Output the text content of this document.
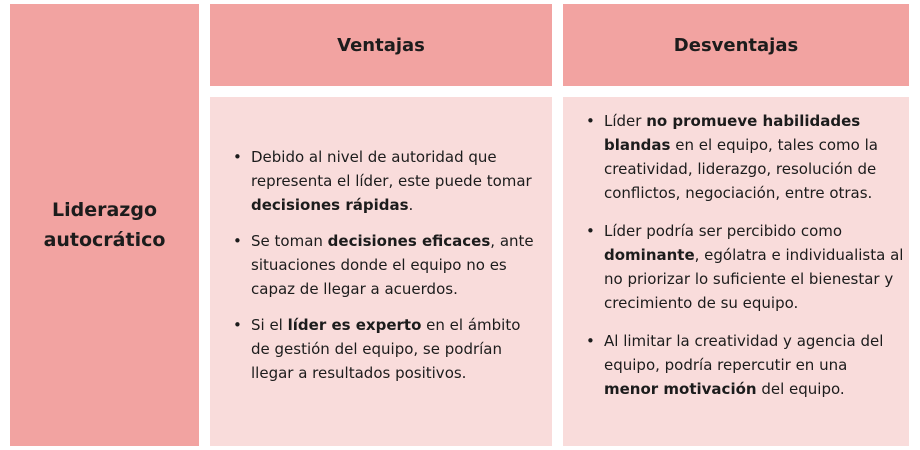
Liderazgo
autocrático
Ventajas	Desventajas
• Debido al nivel de autoridad que representa el líder, este puede tomar decisiones rápidas.
• Se toman decisiones eficaces, ante situaciones donde el equipo no es capaz de llegar a acuerdos.
• Si el líder es experto en el ámbito de gestión del equipo, se podrían llegar a resultados positivos.
• Líder no promueve habilidades blandas en el equipo, tales como la creatividad, liderazgo, resolución de conflictos, negociación, entre otras.
• Líder podría ser percibido como dominante, ególatra e individualista al no priorizar lo suficiente el bienestar y crecimiento de su equipo.
• Al limitar la creatividad y agencia del equipo, podría repercutir en una menor motivación del equipo.
